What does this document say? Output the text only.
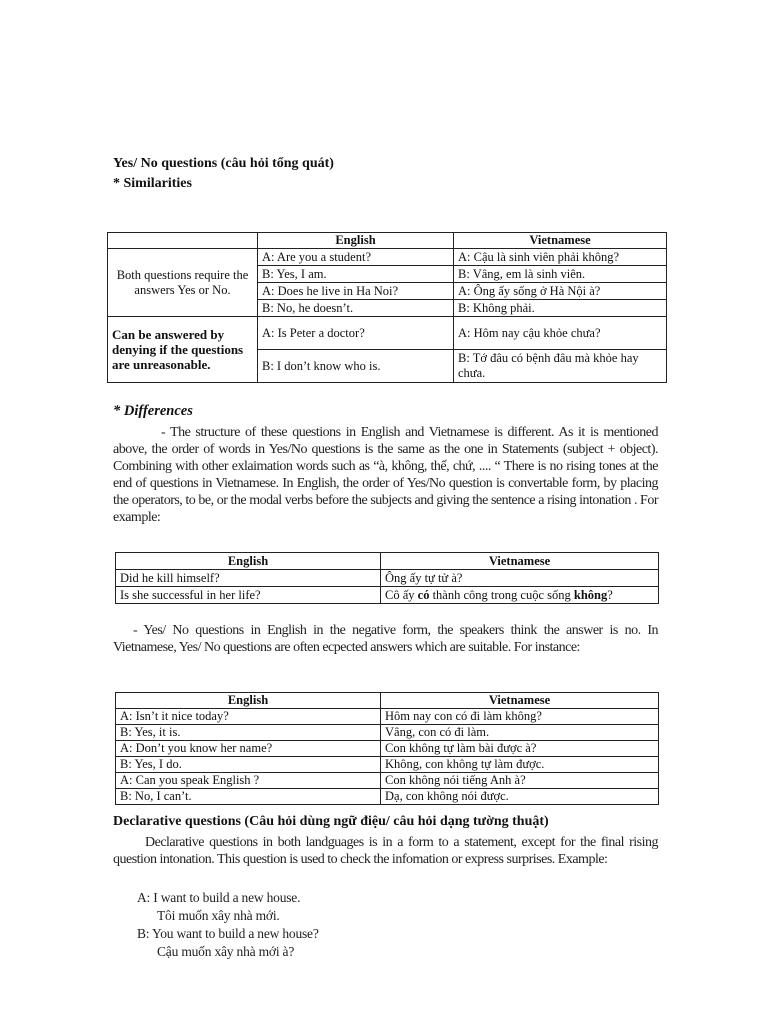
Yes/ No questions (câu hỏi tổng quát)
* Similarities
	English	Vietnamese
Both questions require the answers Yes or No.	A: Are you a student?	A: Cậu là sinh viên phải không?
	B: Yes, I am.	B: Vâng, em là sinh viên.
	A: Does he live in Ha Noi?	A: Ông ấy sống ở Hà Nội à?
	B: No, he doesn’t.	B: Không phải.
Can be answered by denying if the questions are unreasonable.	A: Is Peter a doctor?	A: Hôm nay cậu khỏe chưa?
	B: I don’t know who is.	B: Tớ đâu có bệnh đâu mà khỏe hay chưa.
* Differences
- The structure of these questions in English and Vietnamese is different. As it is mentioned above, the order of words in Yes/No questions is the same as the one in Statements (subject + object). Combining with other exlaimation words such as “à, không, thế, chứ, .... “ There is no rising tones at the end of questions in Vietnamese. In English, the order of Yes/No question is convertable form, by placing the operators, to be, or the modal verbs before the subjects and giving the sentence a rising intonation . For example:
English	Vietnamese
Did he kill himself?	Ông ấy tự tử à?
Is she successful in her life?	Cô ấy có thành công trong cuộc sống không?
- Yes/ No questions in English in the negative form, the speakers think the answer is no. In Vietnamese, Yes/ No questions are often ecpected answers which are suitable. For instance:
English	Vietnamese
A: Isn’t it nice today?	Hôm nay con có đi làm không?
B: Yes, it is.	Vâng, con có đi làm.
A: Don’t you know her name?	Con không tự làm bài được à?
B: Yes, I do.	Không, con không tự làm được.
A: Can you speak English ?	Con không nói tiếng Anh à?
B: No, I can’t.	Dạ, con không nói được.
Declarative questions (Câu hỏi dùng ngữ điệu/ câu hỏi dạng tường thuật)
Declarative questions in both landguages is in a form to a statement, except for the final rising question intonation. This question is used to check the infomation or express surprises. Example:
A: I want to build a new house.
Tôi muốn xây nhà mới.
B: You want to build a new house?
Cậu muốn xây nhà mới à?
